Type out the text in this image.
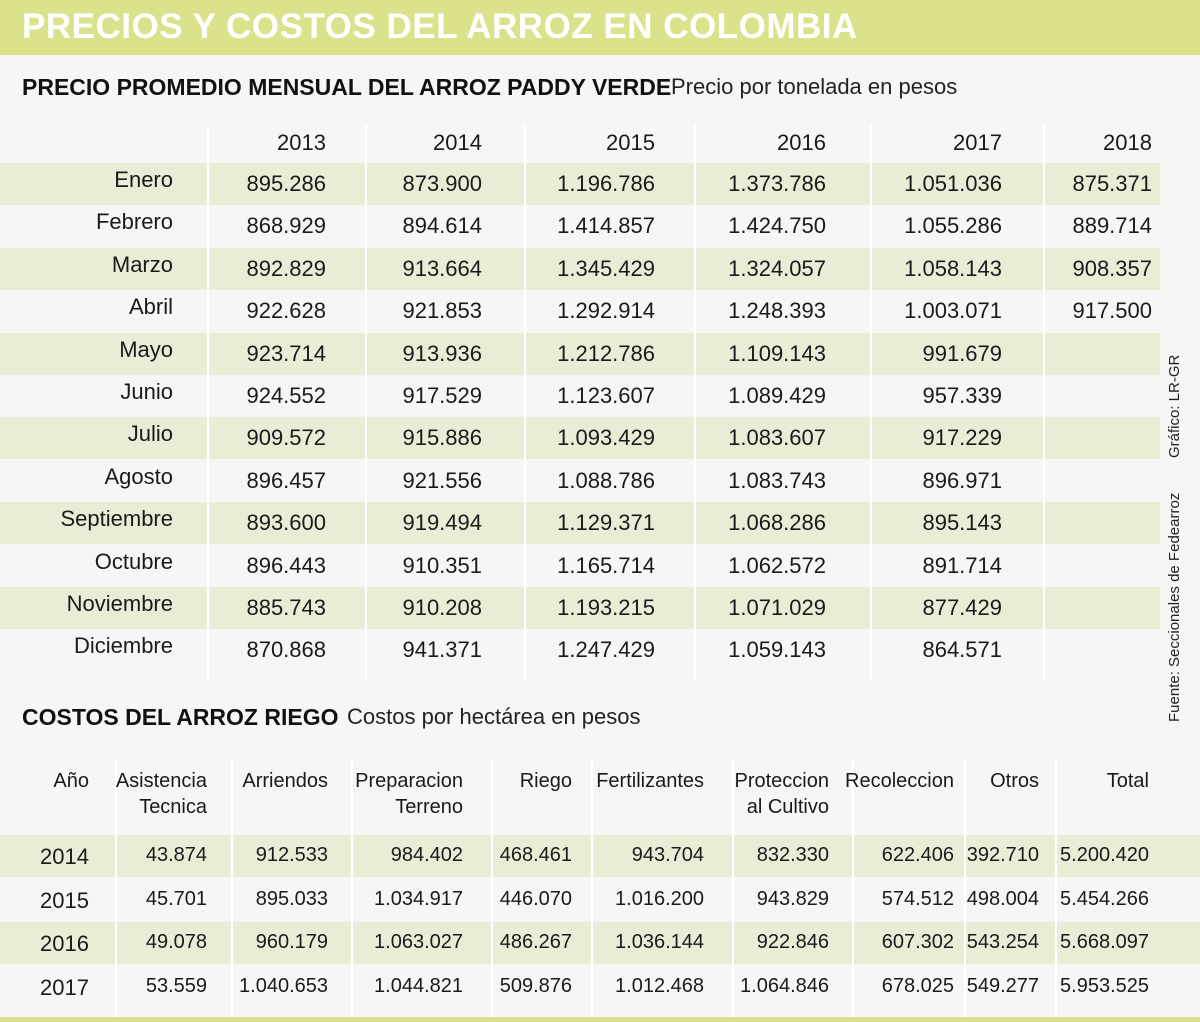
PRECIOS Y COSTOS DEL ARROZ EN COLOMBIA
PRECIO PROMEDIO MENSUAL DEL ARROZ PADDY VERDE Precio por tonelada en pesos
2013	2014	2015	2016	2017	2018
Enero	895.286	873.900	1.196.786	1.373.786	1.051.036	875.371
Febrero	868.929	894.614	1.414.857	1.424.750	1.055.286	889.714
Marzo	892.829	913.664	1.345.429	1.324.057	1.058.143	908.357
Abril	922.628	921.853	1.292.914	1.248.393	1.003.071	917.500
Mayo	923.714	913.936	1.212.786	1.109.143	991.679
Junio	924.552	917.529	1.123.607	1.089.429	957.339
Julio	909.572	915.886	1.093.429	1.083.607	917.229
Agosto	896.457	921.556	1.088.786	1.083.743	896.971
Septiembre	893.600	919.494	1.129.371	1.068.286	895.143
Octubre	896.443	910.351	1.165.714	1.062.572	891.714
Noviembre	885.743	910.208	1.193.215	1.071.029	877.429
Diciembre	870.868	941.371	1.247.429	1.059.143	864.571
COSTOS DEL ARROZ RIEGO Costos por hectárea en pesos
Año	Asistencia
Tecnica
Arriendos	Preparacion
Terreno
Riego	Fertilizantes	Proteccion
al Cultivo
Recoleccion	Otros	Total
2014	43.874	912.533	984.402	468.461	943.704	832.330	622.406 392.710	5.200.420
2015	45.701	895.033	1.034.917	446.070	1.016.200	943.829	574.512 498.004	5.454.266
2016	49.078	960.179	1.063.027	486.267	1.036.144	922.846	607.302 543.254	5.668.097
2017	53.559	1.040.653	1.044.821	509.876	1.012.468	1.064.846	678.025 549.277	5.953.525
Gráfico: LR-GR
Fuente: Seccionales de Fedearroz
